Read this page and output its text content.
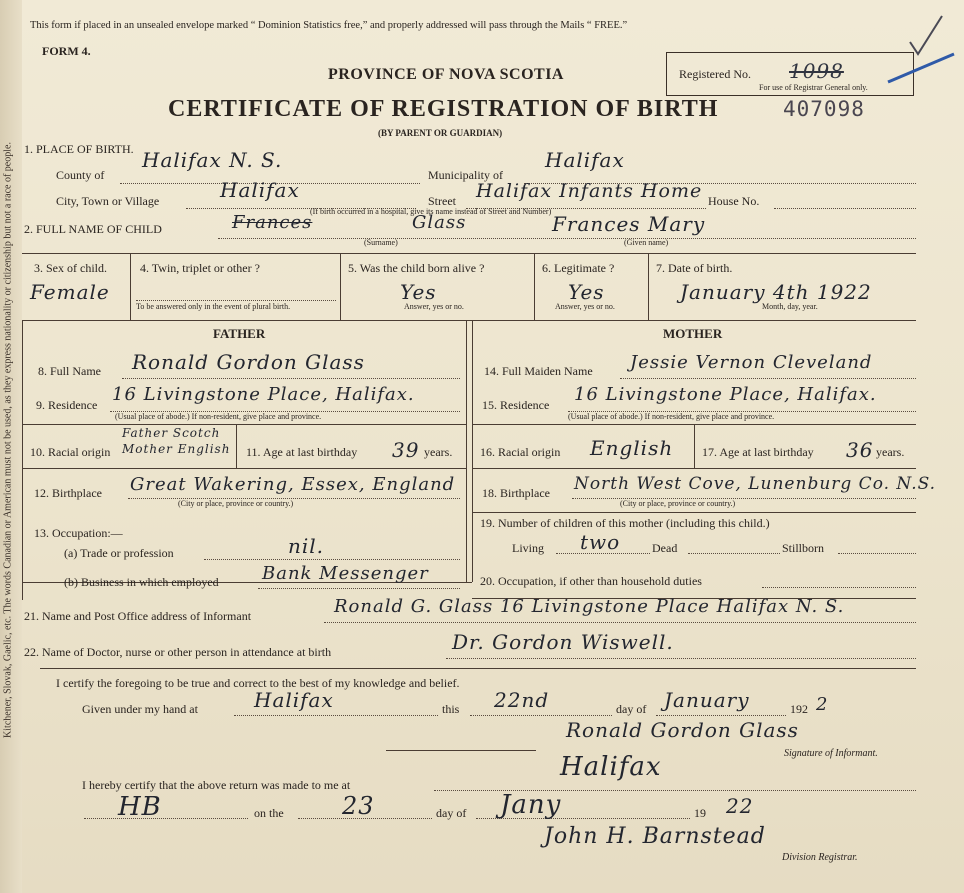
Kitchener, Slovak, Gaelic, etc. The words Canadian or American must not be used, as they express nationality or citizenship but not a race of people.
This form if placed in an unsealed envelope marked “ Dominion Statistics free,” and properly addressed will pass through the Mails “ FREE.”
FORM 4.
PROVINCE OF NOVA SCOTIA
CERTIFICATE OF REGISTRATION OF BIRTH
(BY PARENT OR GUARDIAN)
407098
Registered No. 1098
For use of Registrar General only.
1. PLACE OF BIRTH.
County of
Halifax N. S.
Municipality of
Halifax
City, Town or Village	Halifax	Street Halifax Infants Home House No.
(If birth occurred in a hospital, give its name instead of Street and Number)
2. FULL NAME OF CHILD	Frances	Glass	Frances Mary
(Surname)	(Given name)
3. Sex of child.
Female
4. Twin, triplet or other ?
To be answered only in the event of plural birth.
5. Was the child born alive ?
Yes
Answer, yes or no.
6. Legitimate ?
Yes
Answer, yes or no.
7. Date of birth.
January 4th 1922
Month, day, year.
FATHER	MOTHER
8. Full Name Ronald Gordon Glass
9. Residence 16 Livingstone Place, Halifax.
(Usual place of abode.) If non-resident, give place and province.
10. Racial origin
Father Scotch
Mother English 11. Age at last birthday 39 years.
12. Birthplace Great Wakering, Essex, England
(City or place, province or country.)
13. Occupation:—
(a) Trade or profession	nil.
(b) Business in which employed Bank Messenger
14. Full Maiden Name Jessie Vernon Cleveland
15. Residence 16 Livingstone Place, Halifax.
(Usual place of abode.) If non-resident, give place and province.
16. Racial origin English 17. Age at last birthday 36 years.
18. Birthplace North West Cove, Lunenburg Co. N.S.
(City or place, province or country.)
19. Number of children of this mother (including this child.)
Living two	Dead	Stillborn
20. Occupation, if other than household duties
21. Name and Post Office address of Informant	Ronald G. Glass 16 Livingstone Place Halifax N. S.
22. Name of Doctor, nurse or other person in attendance at birth	Dr. Gordon Wiswell.
I certify the foregoing to be true and correct to the best of my knowledge and belief.
Given under my hand at	Halifax	this 22nd	day of January	192 2
Ronald Gordon Glass
Signature of Informant.
I hereby certify that the above return was made to me at
Halifax
HB	on the 23	day of Jany	19 22
John H. Barnstead
Division Registrar.
